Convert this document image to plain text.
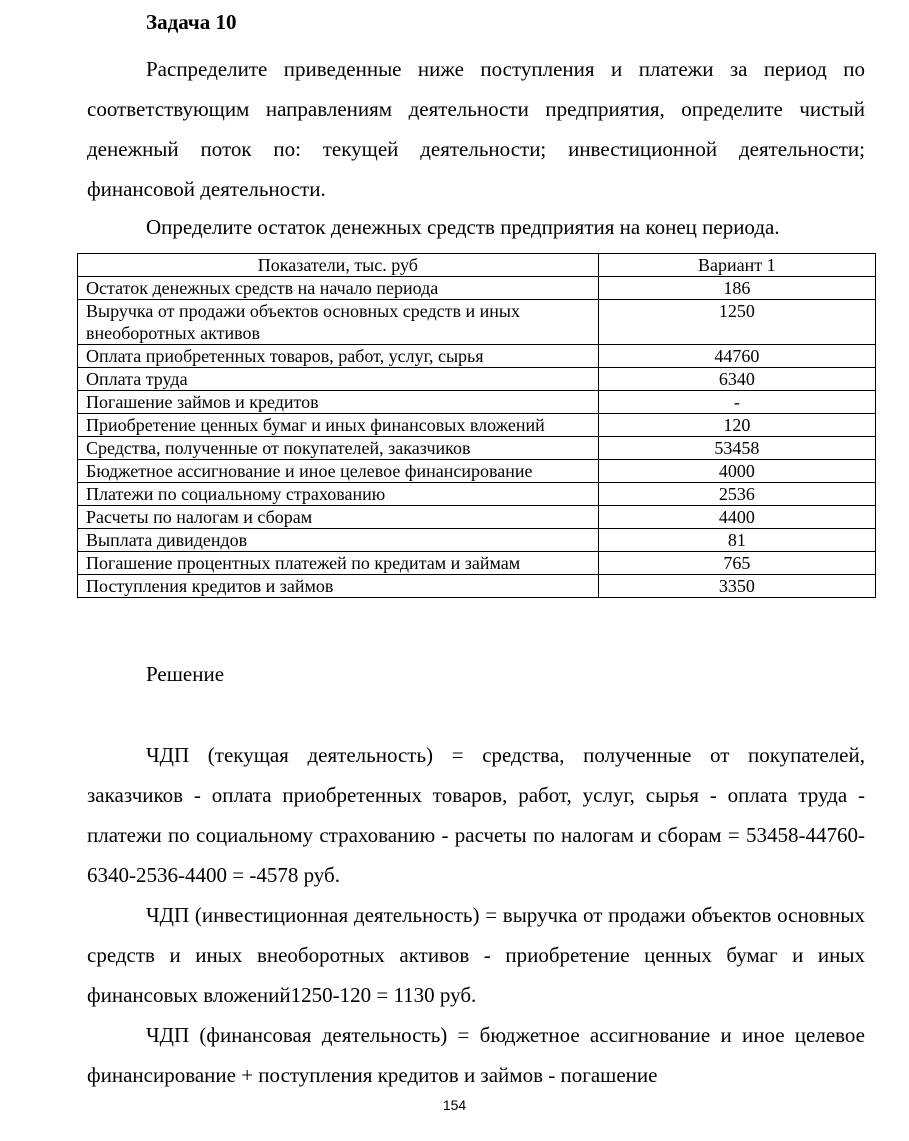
Задача 10

Распределите приведенные ниже поступления и платежи за период по соответствующим направлениям деятельности предприятия, определите чистый денежный поток по: текущей деятельности; инвестиционной деятельности; финансовой деятельности.

Определите остаток денежных средств предприятия на конец периода.

Показатели, тыс. руб	Вариант 1
Остаток денежных средств на начало периода	186
Выручка от продажи объектов основных средств и иных внеоборотных активов	1250
Оплата приобретенных товаров, работ, услуг, сырья	44760
Оплата труда	6340
Погашение займов и кредитов	-
Приобретение ценных бумаг и иных финансовых вложений	120
Средства, полученные от покупателей, заказчиков	53458
Бюджетное ассигнование и иное целевое финансирование	4000
Платежи по социальному страхованию	2536
Расчеты по налогам и сборам	4400
Выплата дивидендов	81
Погашение процентных платежей по кредитам и займам	765
Поступления кредитов и займов	3350

Решение

ЧДП (текущая деятельность) = средства, полученные от покупателей, заказчиков - оплата приобретенных товаров, работ, услуг, сырья - оплата труда - платежи по социальному страхованию - расчеты по налогам и сборам = 53458-44760-6340-2536-4400 = -4578 руб.

ЧДП (инвестиционная деятельность) = выручка от продажи объектов основных средств и иных внеоборотных активов - приобретение ценных бумаг и иных финансовых вложений1250-120 = 1130 руб.

ЧДП (финансовая деятельность) = бюджетное ассигнование и иное целевое финансирование + поступления кредитов и займов - погашение

154
